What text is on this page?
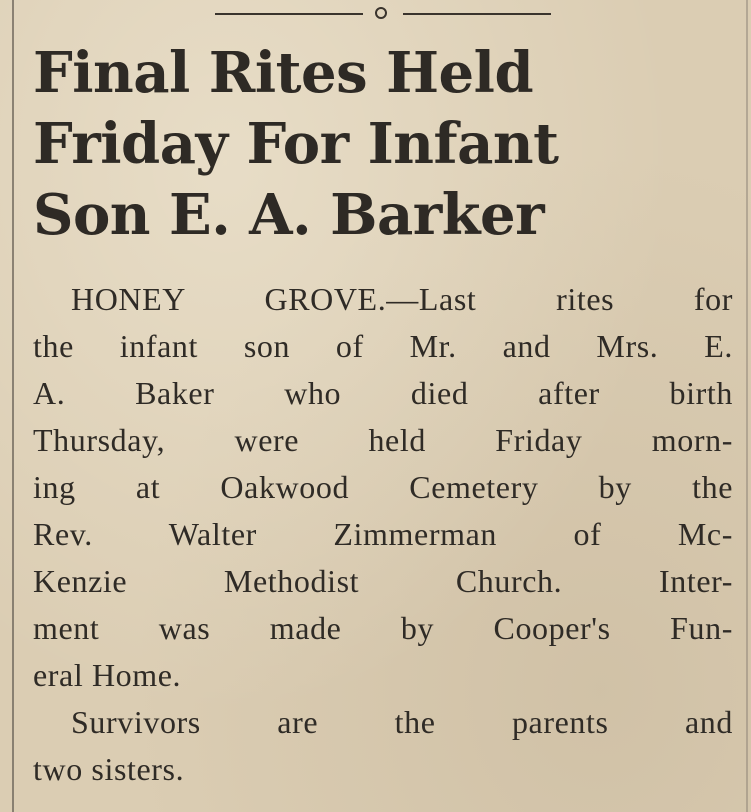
Final Rites Held
Friday For Infant
Son E. A. Barker
HONEY GROVE.—Last rites for
the infant son of Mr. and Mrs. E.
A. Baker who died after birth
Thursday, were held Friday morn-
ing at Oakwood Cemetery by the
Rev. Walter Zimmerman of Mc-
Kenzie Methodist Church. Inter-
ment was made by Cooper's Fun-
eral Home.
Survivors are the parents and
two sisters.
